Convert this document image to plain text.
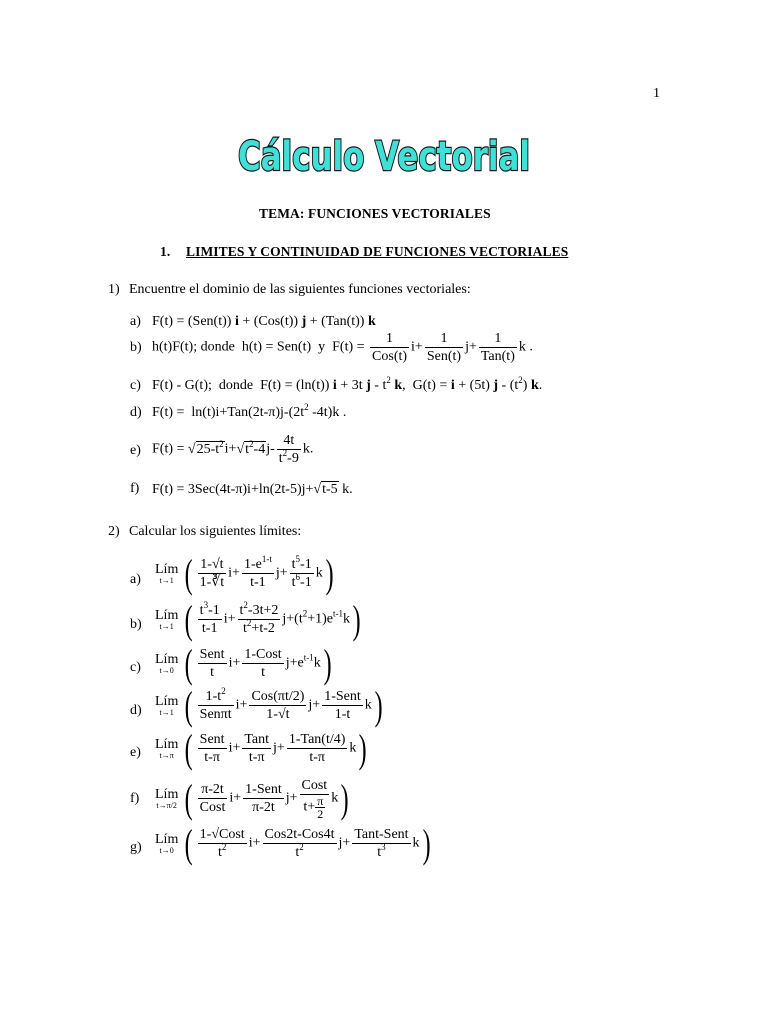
1
Cálculo Vectorial
TEMA: FUNCIONES VECTORIALES
1. LIMITES Y CONTINUIDAD DE FUNCIONES VECTORIALES
1) Encuentre el dominio de las siguientes funciones vectoriales:
a) F(t) = (Sen(t)) i + (Cos(t)) j + (Tan(t)) k
b) h(t)F(t); donde  h(t) = Sen(t)  y  $F(t) = \frac{1}{\text{Cos(t)}} i+ \frac{1}{\text{Sen(t)}} j+ \frac{1}{\text{Tan(t)}}$ k .
c) F(t) - G(t);  donde  F(t) = (ln(t)) i + 3t j - $t^2$ k,  G(t) = i + (5t) j - $(t^2)$ k.
d) $F(t) = \ln(t)i+Tan(2t-\pi)j-(2t^2$ -4t)k .
e) $F(t) = √25-t^2i+√t^2-4j- \frac{4t}{t^2-9} k$.
f) F(t) = 3Sec(4t-π)i+ln(2t-5)j+√t-5 k.
2) Calcular los siguientes límites:
a)
Lím
t→1 ( $\frac{1-√t}{1-∛t} i+ \frac{1-e^{1-t}}{t-1} j+ \frac{t^5-1}{t^6-1} k$)
b)
Lím
t→1 ( $\frac{t^3-1}{t-1} i+ \frac{t^2-3t+2}{t^2+t-2} j+(t^2+1)e^{t-1}k$)
c)
Lím
t→0 ( $\frac{\text{Sent}}{t} i+ \frac{\text{1-Cost}}{t} j+e^{t-1}k$)
d)
Lím
t→1 ( $\frac{1-t^2}{\text{Senπt}} i+ \frac{\text{Cos(πt/2)}}{1-√t} j+ \frac{\text{1-Sent}}{1-t} k$)
e)
Lím
t→π ( $\frac{\text{Sent}}{t-\pi} i+ \frac{\text{Tant}}{t-\pi} j+ \frac{\text{1-Tan(t/4)}}{t-\pi} k$)
f) Lím
t→π/2 ( $\frac{\pi-2t}{\text{Cost}} i+ \frac{\text{1-Sent}}{\pi-2t} j+ \frac{\text{Cost}}{t+ \frac{\pi}{2}} k$)
g)
Lím
t→0 ( $\frac{\text{1-√Cost}}{t^2} i+ \frac{\text{Cos2t-Cos4t}}{t^2} j+ \frac{\text{Tant-Sent}}{t^3} k$)
